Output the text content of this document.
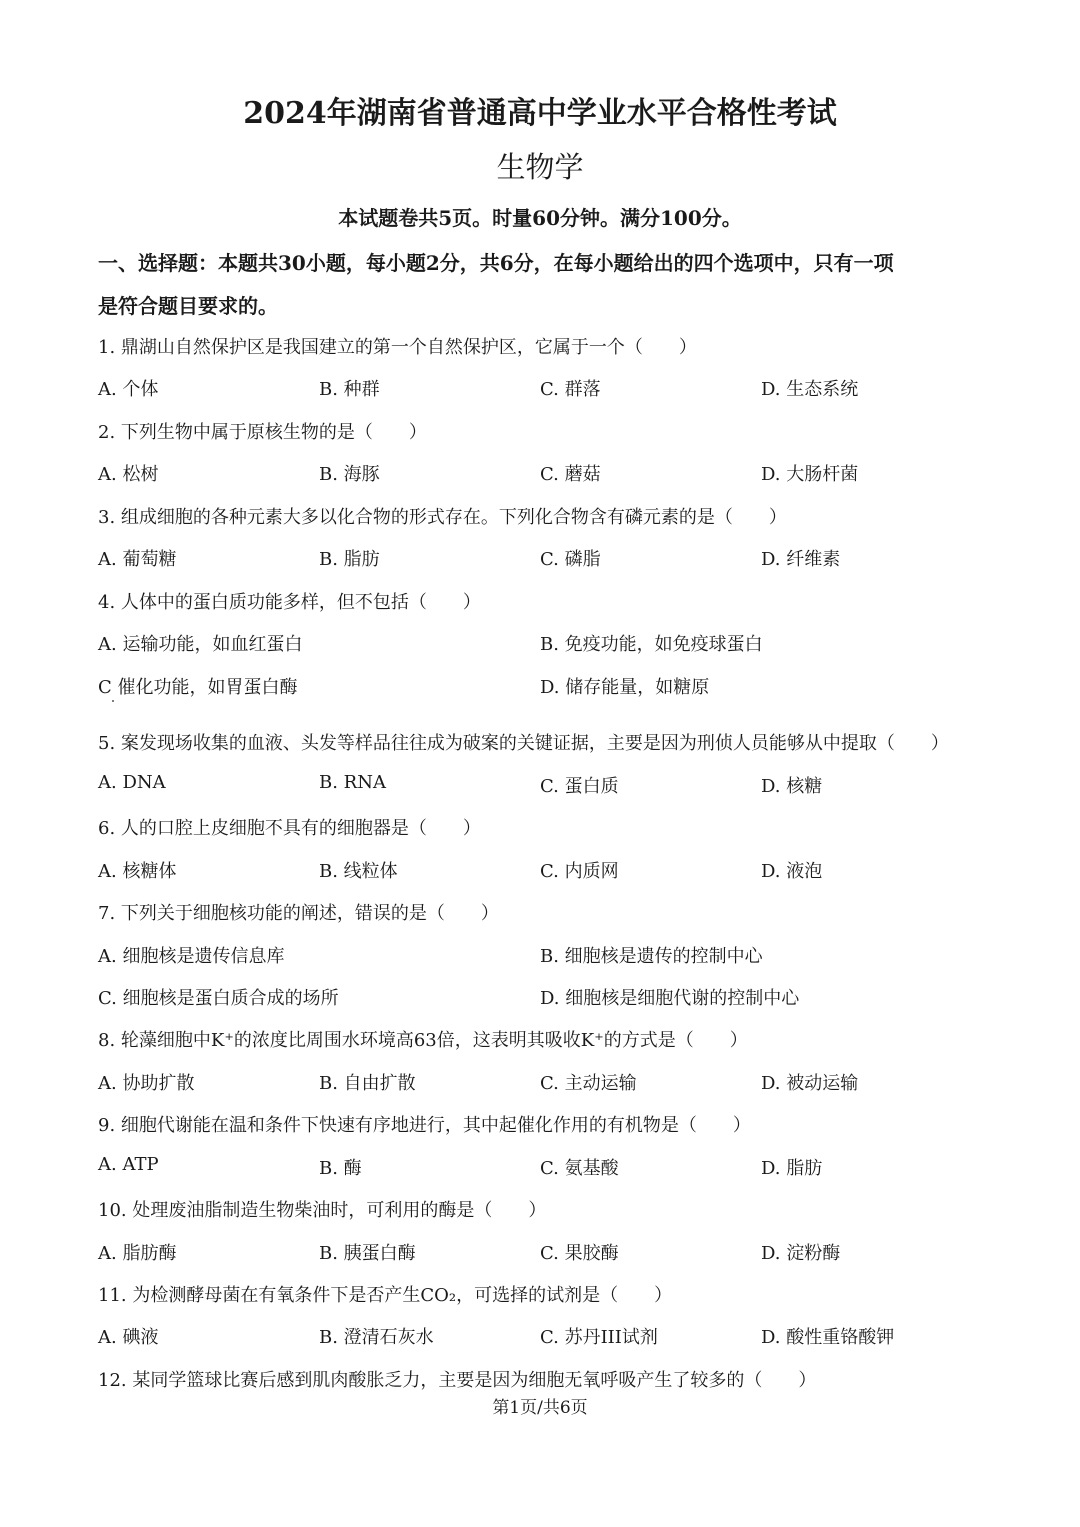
2024年湖南省普通高中学业水平合格性考试
生物学
本试题卷共5页。时量60分钟。满分100分。
一、选择题：本题共30小题，每小题2分，共6分，在每小题给出的四个选项中，只有一项
是符合题目要求的。
1. 鼎湖山自然保护区是我国建立的第一个自然保护区，它属于一个（　　）
A. 个体	B. 种群	C. 群落	D. 生态系统
2. 下列生物中属于原核生物的是（　　）
A. 松树	B. 海豚	C. 蘑菇	D. 大肠杆菌
3. 组成细胞的各种元素大多以化合物的形式存在。下列化合物含有磷元素的是（　　）
A. 葡萄糖	B. 脂肪	C. 磷脂	D. 纤维素
4. 人体中的蛋白质功能多样，但不包括（　　）
A. 运输功能，如血红蛋白	B. 免疫功能，如免疫球蛋白
C 催化功能，如胃蛋白酶	D. 储存能量，如糖原
5. 案发现场收集的血液、头发等样品往往成为破案的关键证据，主要是因为刑侦人员能够从中提取（　　）
A. DNA	B. RNA	C. 蛋白质	D. 核糖
6. 人的口腔上皮细胞不具有的细胞器是（　　）
A. 核糖体	B. 线粒体	C. 内质网	D. 液泡
7. 下列关于细胞核功能的阐述，错误的是（　　）
A. 细胞核是遗传信息库	B. 细胞核是遗传的控制中心
C. 细胞核是蛋白质合成的场所	D. 细胞核是细胞代谢的控制中心
8. 轮藻细胞中K⁺的浓度比周围水环境高63倍，这表明其吸收K⁺的方式是（　　）
A. 协助扩散	B. 自由扩散	C. 主动运输	D. 被动运输
9. 细胞代谢能在温和条件下快速有序地进行，其中起催化作用的有机物是（　　）
A. ATP	B. 酶	C. 氨基酸	D. 脂肪
10. 处理废油脂制造生物柴油时，可利用的酶是（　　）
A. 脂肪酶	B. 胰蛋白酶	C. 果胶酶	D. 淀粉酶
11. 为检测酵母菌在有氧条件下是否产生CO₂，可选择的试剂是（　　）
A. 碘液	B. 澄清石灰水	C. 苏丹III试剂	D. 酸性重铬酸钾
12. 某同学篮球比赛后感到肌肉酸胀乏力，主要是因为细胞无氧呼吸产生了较多的（　　）
第1页/共6页
